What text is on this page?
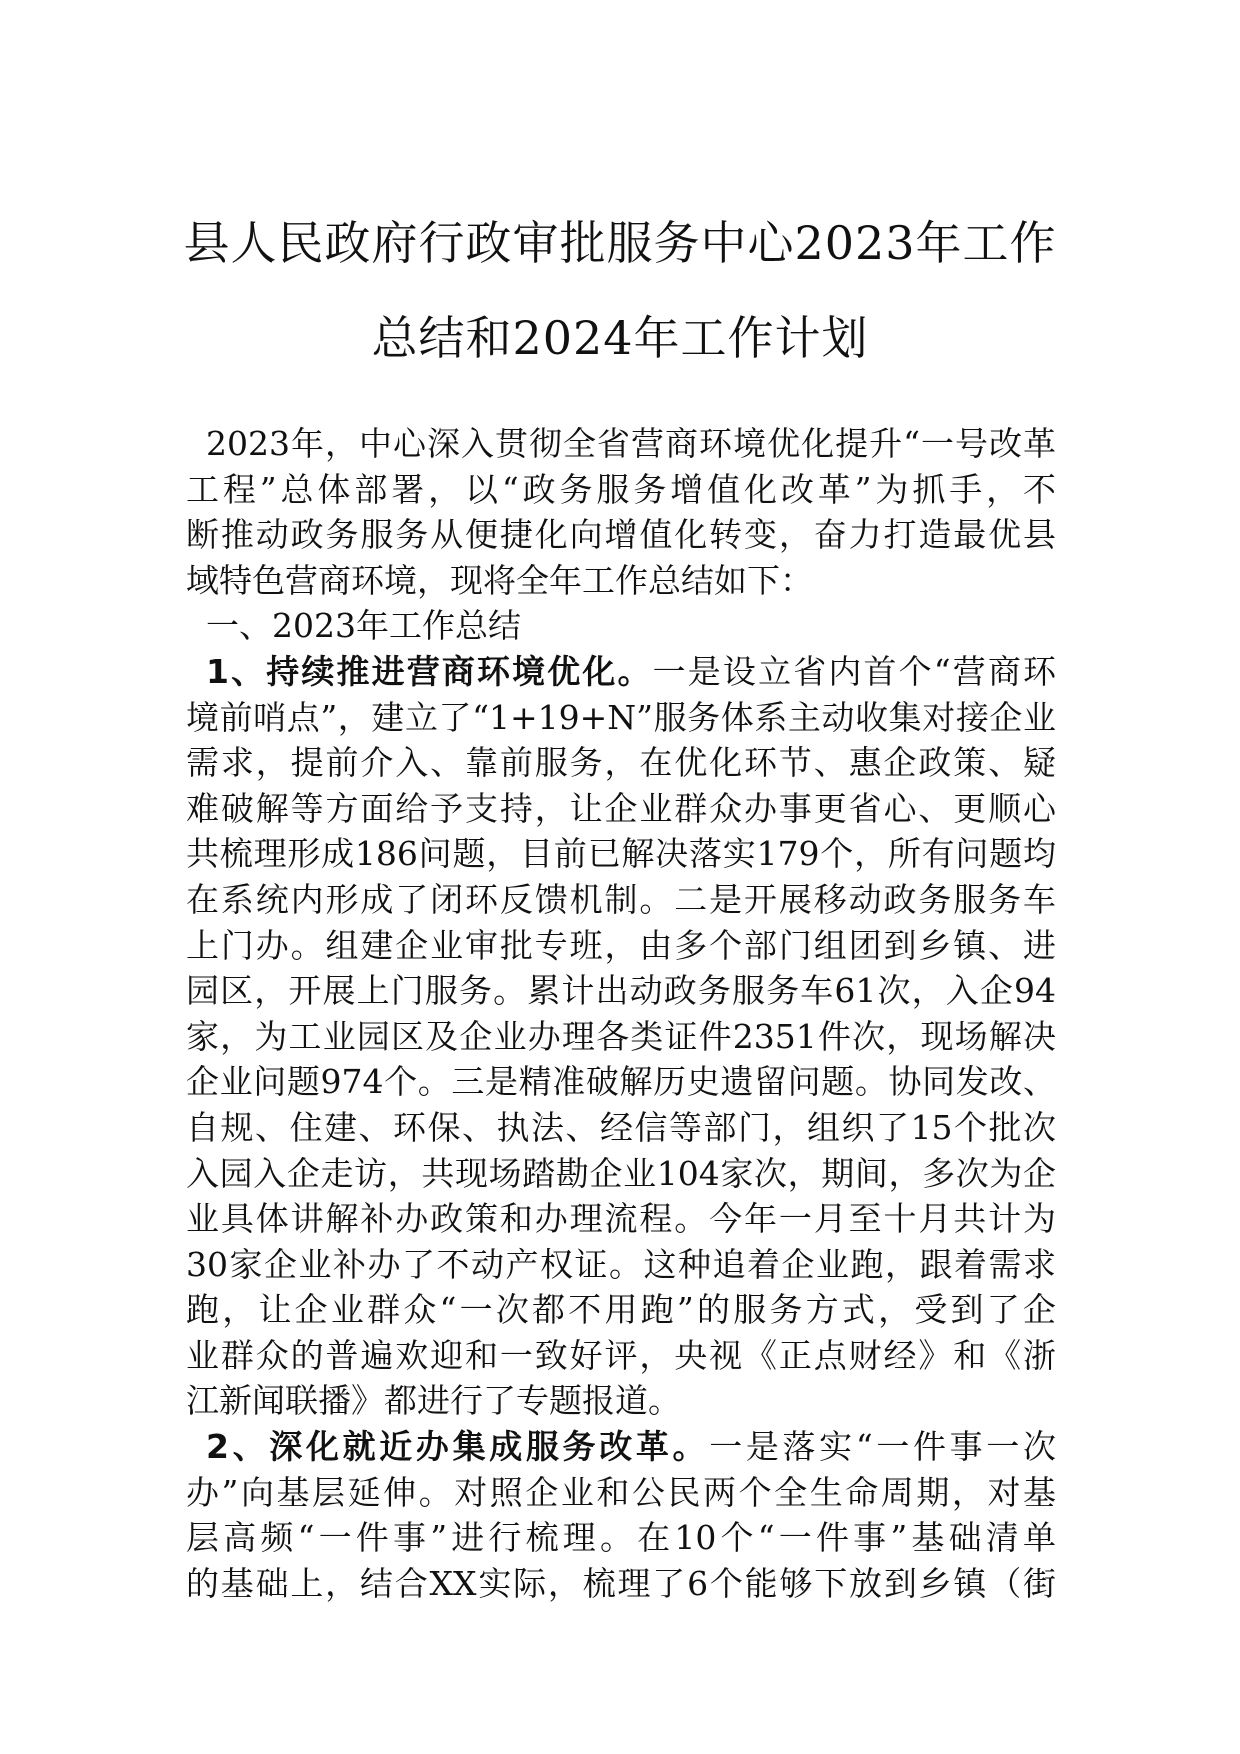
县人民政府行政审批服务中心2023年工作
总结和2024年工作计划
2023年，中心深入贯彻全省营商环境优化提升“一号改革
工程”总体部署，以“政务服务增值化改革”为抓手，不
断推动政务服务从便捷化向增值化转变，奋力打造最优县
域特色营商环境，现将全年工作总结如下：
一、2023年工作总结
1、持续推进营商环境优化。一是设立省内首个“营商环
境前哨点”，建立了“1+19+N”服务体系主动收集对接企业
需求，提前介入、靠前服务，在优化环节、惠企政策、疑
难破解等方面给予支持，让企业群众办事更省心、更顺心
共梳理形成186问题，目前已解决落实179个，所有问题均
在系统内形成了闭环反馈机制。二是开展移动政务服务车
上门办。组建企业审批专班，由多个部门组团到乡镇、进
园区，开展上门服务。累计出动政务服务车61次，入企94
家，为工业园区及企业办理各类证件2351件次，现场解决
企业问题974个。三是精准破解历史遗留问题。协同发改、
自规、住建、环保、执法、经信等部门，组织了15个批次
入园入企走访，共现场踏勘企业104家次，期间，多次为企
业具体讲解补办政策和办理流程。今年一月至十月共计为
30家企业补办了不动产权证。这种追着企业跑，跟着需求
跑，让企业群众“一次都不用跑”的服务方式，受到了企
业群众的普遍欢迎和一致好评，央视《正点财经》和《浙
江新闻联播》都进行了专题报道。
2、深化就近办集成服务改革。一是落实“一件事一次
办”向基层延伸。对照企业和公民两个全生命周期，对基
层高频“一件事”进行梳理。在10个“一件事”基础清单
的基础上，结合XX实际，梳理了6个能够下放到乡镇（街
